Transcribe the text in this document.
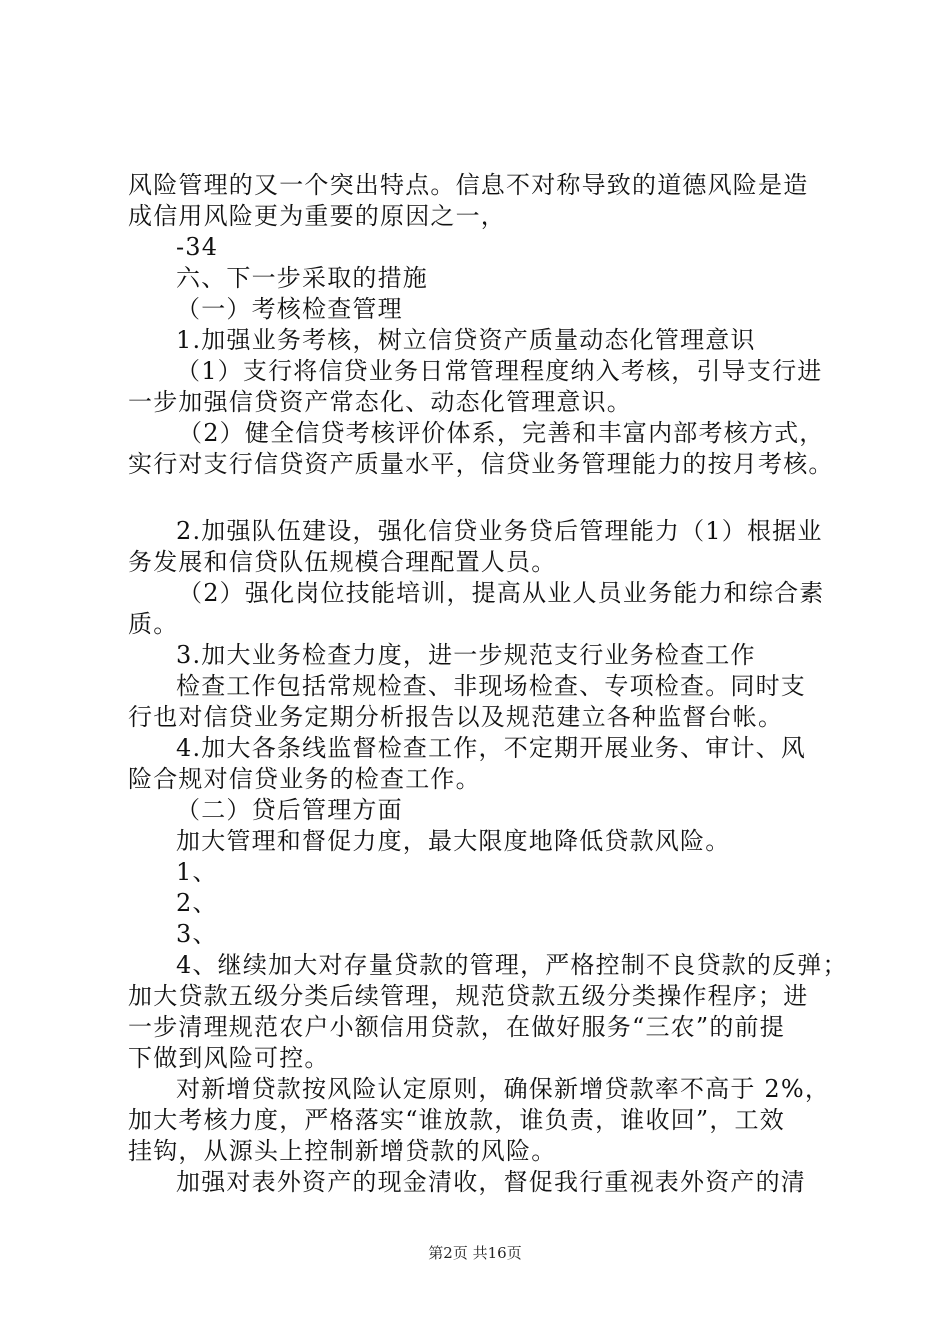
风险管理的又一个突出特点。信息不对称导致的道德风险是造
成信用风险更为重要的原因之一，
-34
六、下一步采取的措施
（一）考核检查管理
1.加强业务考核，树立信贷资产质量动态化管理意识
（1）支行将信贷业务日常管理程度纳入考核，引导支行进
一步加强信贷资产常态化、动态化管理意识。
（2）健全信贷考核评价体系，完善和丰富内部考核方式，
实行对支行信贷资产质量水平，信贷业务管理能力的按月考核。
2.加强队伍建设，强化信贷业务贷后管理能力（1）根据业
务发展和信贷队伍规模合理配置人员。
（2）强化岗位技能培训，提高从业人员业务能力和综合素
质。
3.加大业务检查力度，进一步规范支行业务检查工作
检查工作包括常规检查、非现场检查、专项检查。同时支
行也对信贷业务定期分析报告以及规范建立各种监督台帐。
4.加大各条线监督检查工作，不定期开展业务、审计、风
险合规对信贷业务的检查工作。
（二）贷后管理方面
加大管理和督促力度，最大限度地降低贷款风险。
1、
2、
3、
4、继续加大对存量贷款的管理，严格控制不良贷款的反弹；
加大贷款五级分类后续管理，规范贷款五级分类操作程序；进
一步清理规范农户小额信用贷款，在做好服务“三农”的前提
下做到风险可控。
对新增贷款按风险认定原则，确保新增贷款率不高于 2%，
加大考核力度，严格落实“谁放款，谁负责，谁收回”，工效
挂钩，从源头上控制新增贷款的风险。
加强对表外资产的现金清收，督促我行重视表外资产的清
第2页 共16页
